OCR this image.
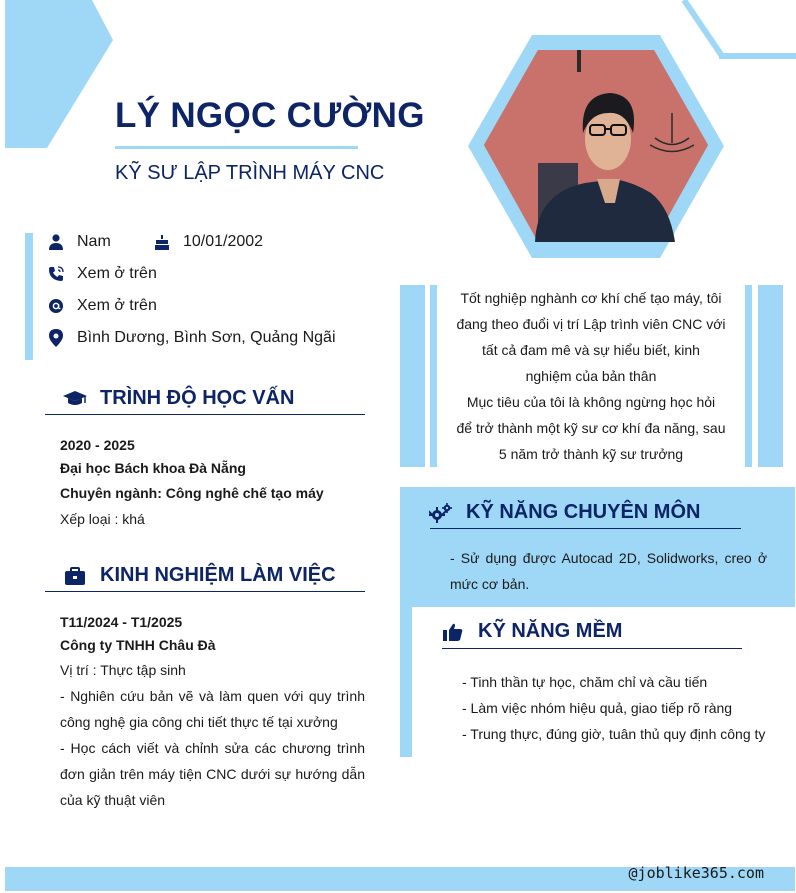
LÝ NGỌC CƯỜNG
KỸ SƯ LẬP TRÌNH MÁY CNC
Nam	10/01/2002
Xem ở trên
Xem ở trên
Bình Dương, Bình Sơn, Quảng Ngãi
TRÌNH ĐỘ HỌC VẤN
2020 - 2025
Đại học Bách khoa Đà Nẵng
Chuyên ngành: Công nghê chế tạo máy
Xếp loại : khá
KINH NGHIỆM LÀM VIỆC
T11/2024 - T1/2025
Công ty TNHH Châu Đà
Vị trí : Thực tập sinh
- Nghiên cứu bản vẽ và làm quen với quy trình công nghệ gia công chi tiết thực tế tại xưởng
- Học cách viết và chỉnh sửa các chương trình đơn giản trên máy tiện CNC dưới sự hướng dẫn của kỹ thuật viên
Tốt nghiệp nghành cơ khí chế tạo máy, tôi
đang theo đuổi vị trí Lập trình viên CNC với
tất cả đam mê và sự hiểu biết, kinh
nghiệm của bản thân
Mục tiêu của tôi là không ngừng học hỏi
để trở thành một kỹ sư cơ khí đa năng, sau
5 năm trở thành kỹ sư trưởng
KỸ NĂNG CHUYÊN MÔN
- Sử dụng được Autocad 2D, Solidworks, creo ở mức cơ bản.
KỸ NĂNG MỀM
- Tinh thần tự học, chăm chỉ và cầu tiến
- Làm việc nhóm hiệu quả, giao tiếp rõ ràng
- Trung thực, đúng giờ, tuân thủ quy định công ty
@joblike365.com
